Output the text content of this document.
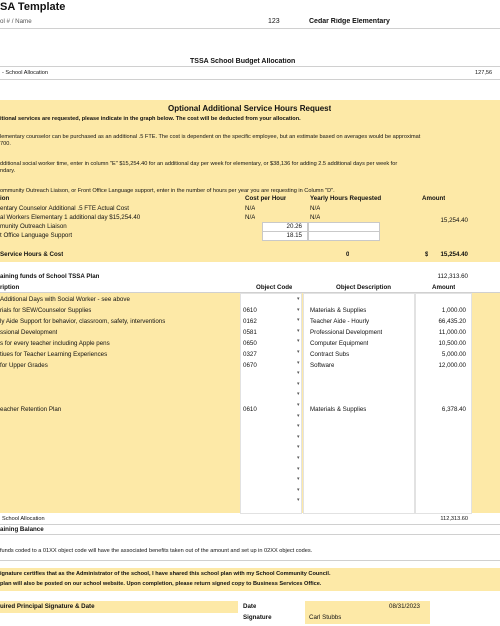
SA Template
ol # / Name	123	Cedar Ridge Elementary
TSSA School Budget Allocation
- School Allocation	127,56
Optional Additional Service Hours Request
itional services are requested, please indicate in the graph below. The cost will be deducted from your allocation.
lementary counselor can be purchased as an additional .5 FTE. The cost is dependent on the specific employee, but an estimate based on averages would be approximat
700.
dditional social worker time, enter in column "E" $15,254.40 for an additional day per week for elementary, or $38,136 for adding 2.5 additional days per week for
ndary.
ommunity Outreach Liaison, or Front Office Language support, enter in the number of hours per year you are requesting in Column "D".
ion	Cost per Hour	Yearly Hours Requested	Amount
entary Counselor Additional .5 FTE Actual Cost	N/A	N/A
al Workers Elementary 1 additional day $15,254.40	N/A	N/A	15,254.40
munity Outreach Liaison	20.26
t Office Language Support	18.15
Service Hours & Cost	0	$	15,254.40
aining funds of School TSSA Plan	112,313.60
ription	Object Code	Object Description	Amount
Additional Days with Social Worker - see above
rials for SEW/Counselor Supplies	0610	Materials & Supplies	1,000.00
ly Aide Support for behavior, classroom, safety, interventions	0162	Teacher Aide - Hourly	66,435.20
ssional Development	0581	Professional Development	11,000.00
s for every teacher including Apple pens	0650	Computer Equipment	10,500.00
tiues for Teacher Learning Experiences	0327	Contract Subs	5,000.00
for Upper Grades	0670	Software	12,000.00
eacher Retention Plan	0610	Materials & Supplies	6,378.40
▾
▾
▾
▾
▾
▾
▾
▾
▾
▾
▾
▾
▾
▾
▾
▾
▾
▾
▾
▾
School Allocation	112,313.60
aining Balance
funds coded to a 01XX object code will have the associated benefits taken out of the amount and set up in 02XX object codes.
ignature certifies that as the Administrator of the school, I have shared this school plan with my School Community Council.
plan will also be posted on our school website. Upon completion, please return signed copy to Business Services Office.
uired Principal Signature & Date	Date	08/31/2023
Signature	Carl Stubbs
